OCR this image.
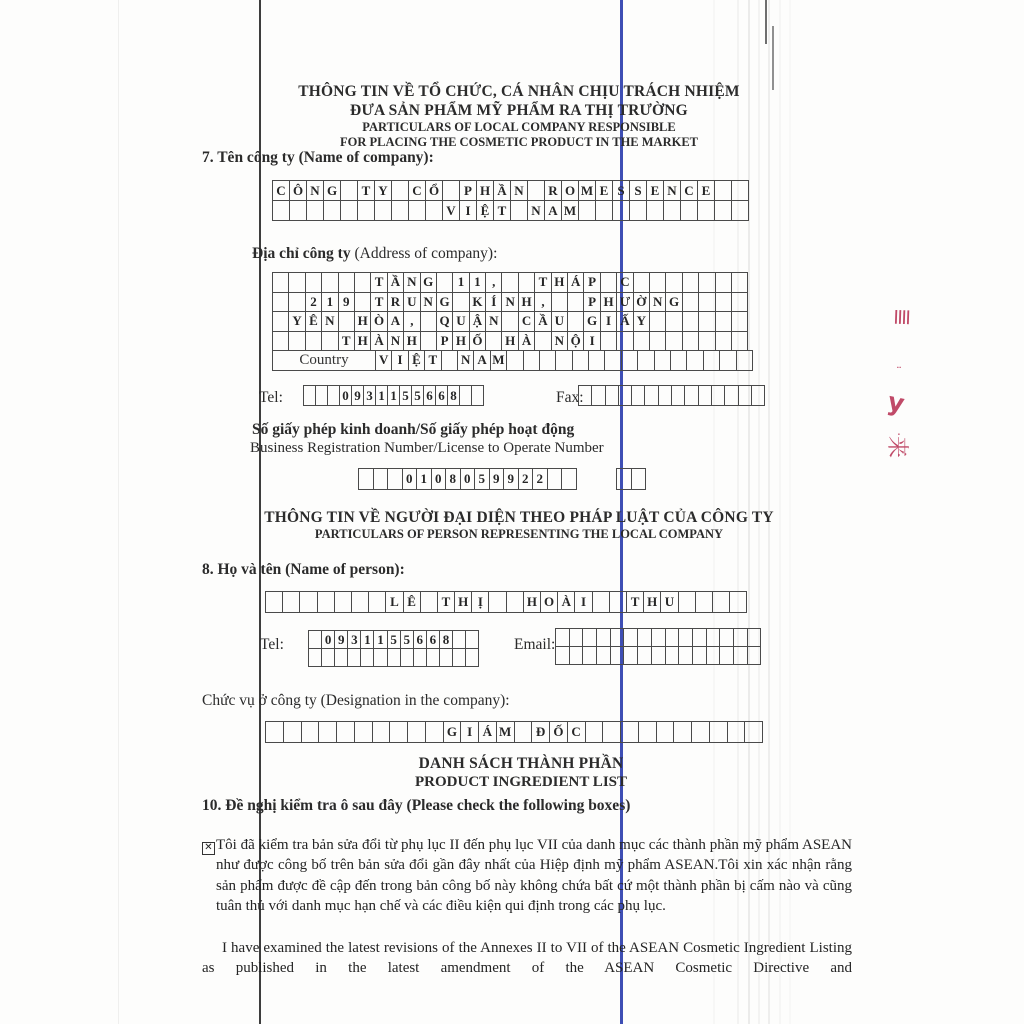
≣
¨
y
.
来
THÔNG TIN VỀ TỔ CHỨC, CÁ NHÂN CHỊU TRÁCH NHIỆM
ĐƯA SẢN PHẨM MỸ PHẨM RA THỊ TRƯỜNG
PARTICULARS OF LOCAL COMPANY RESPONSIBLE
FOR PLACING THE COSMETIC PRODUCT IN THE MARKET
7. Tên công ty (Name of company):
C Ô N G	T Y	C Ổ	P H Ầ N	R O M E S S E N C E
V I Ệ T	N A M
Địa chỉ công ty (Address of company):
T Ầ N G	1 1 ,	T H Á P	C
2 1 9	T R U N G K Í N H ,	P H Ư Ờ N G
Y Ê N	H Ò A ,	Q U Ậ N	C Ầ U	G I Ấ Y
T H À N H	P H Ố H À	N Ộ I
Country	V I Ệ T	N A M
Tel:	0 9 3 1 1 5 5 6 6 8	Fax:
Số giấy phép kinh doanh/Số giấy phép hoạt động
Business Registration Number/License to Operate Number
0 1 0 8 0 5 9 9 2 2
THÔNG TIN VỀ NGƯỜI ĐẠI DIỆN THEO PHÁP LUẬT CỦA CÔNG TY
PARTICULARS OF PERSON REPRESENTING THE LOCAL COMPANY
8. Họ và tên (Name of person):
L Ê	T H Ị	H O À I	T H U
Tel:	0 9 3 1 1 5 5 6 6 8	Email:
Chức vụ ở công ty (Designation in the company):
G I Á M	Đ Ố C
DANH SÁCH THÀNH PHẦN
PRODUCT INGREDIENT LIST
10. Đề nghị kiểm tra ô sau đây (Please check the following boxes)
✕ Tôi đã kiểm tra bản sửa đổi từ phụ lục II đến phụ lục VII của danh mục các thành phần mỹ phẩm ASEAN như được công bố trên bản sửa đổi gần đây nhất của Hiệp định mỹ phẩm ASEAN.Tôi xin xác nhận rằng sản phẩm được đề cập đến trong bản công bố này không chứa bất cứ một thành phần bị cấm nào và cũng tuân thủ với danh mục hạn chế và các điều kiện qui định trong các phụ lục.
I have examined the latest revisions of the Annexes II to VII of the ASEAN Cosmetic Ingredient Listing as published in the latest amendment of the ASEAN Cosmetic Directive and
